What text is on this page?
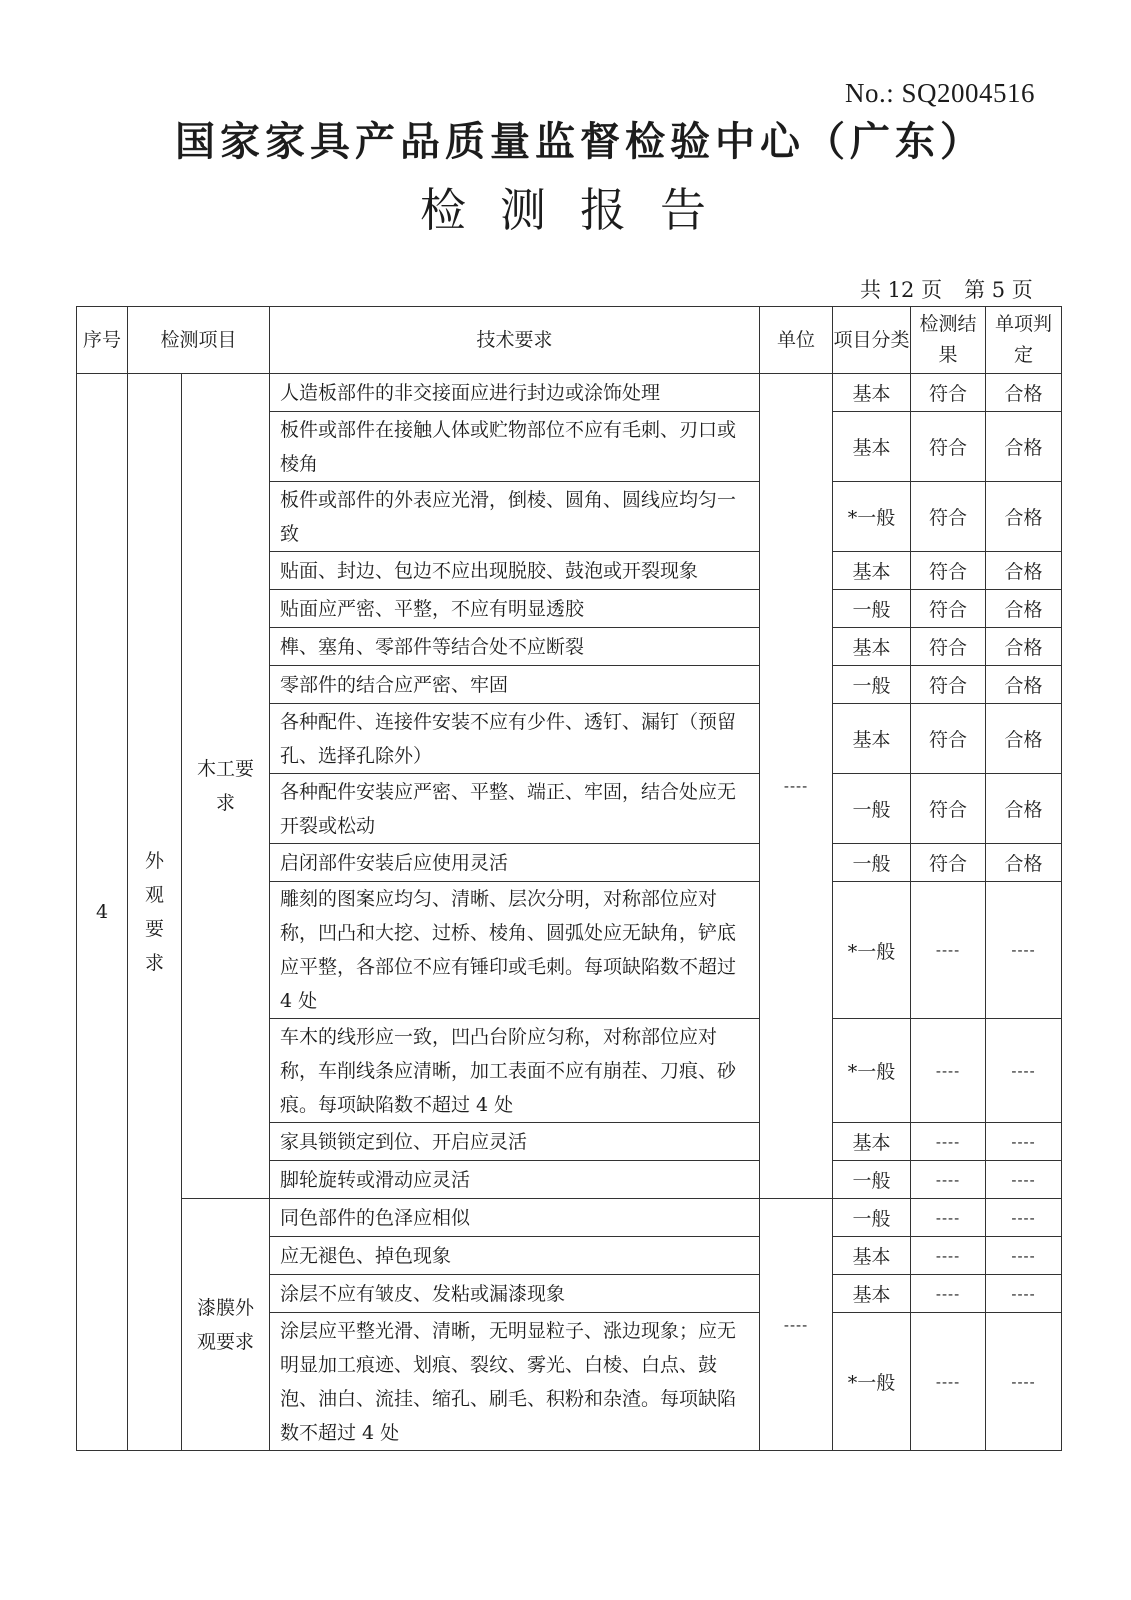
No.: SQ2004516
国家家具产品质量监督检验中心（广东）
检测报告
共 12 页 第 5 页
序号	检测项目		技术要求	单位	项目分类	检测结果	单项判定
4	外观要求	木工要求	人造板部件的非交接面应进行封边或涂饰处理	----	基本	符合	合格
			板件或部件在接触人体或贮物部位不应有毛刺、刃口或棱角		基本	符合	合格
			板件或部件的外表应光滑，倒棱、圆角、圆线应均匀一致		*一般	符合	合格
			贴面、封边、包边不应出现脱胶、鼓泡或开裂现象		基本	符合	合格
			贴面应严密、平整，不应有明显透胶		一般	符合	合格
			榫、塞角、零部件等结合处不应断裂		基本	符合	合格
			零部件的结合应严密、牢固		一般	符合	合格
			各种配件、连接件安装不应有少件、透钉、漏钉（预留孔、选择孔除外）		基本	符合	合格
			各种配件安装应严密、平整、端正、牢固，结合处应无开裂或松动		一般	符合	合格
			启闭部件安装后应使用灵活		一般	符合	合格
			雕刻的图案应均匀、清晰、层次分明，对称部位应对称，凹凸和大挖、过桥、棱角、圆弧处应无缺角，铲底应平整，各部位不应有锤印或毛刺。每项缺陷数不超过 4 处		*一般	----	----
			车木的线形应一致，凹凸台阶应匀称，对称部位应对称，车削线条应清晰，加工表面不应有崩茬、刀痕、砂痕。每项缺陷数不超过 4 处		*一般	----	----
			家具锁锁定到位、开启应灵活		基本	----	----
			脚轮旋转或滑动应灵活		一般	----	----
		漆膜外观要求	同色部件的色泽应相似	----	一般	----	----
			应无褪色、掉色现象		基本	----	----
			涂层不应有皱皮、发粘或漏漆现象		基本	----	----
			涂层应平整光滑、清晰，无明显粒子、涨边现象；应无明显加工痕迹、划痕、裂纹、雾光、白棱、白点、鼓泡、油白、流挂、缩孔、刷毛、积粉和杂渣。每项缺陷数不超过 4 处		*一般	----	----
